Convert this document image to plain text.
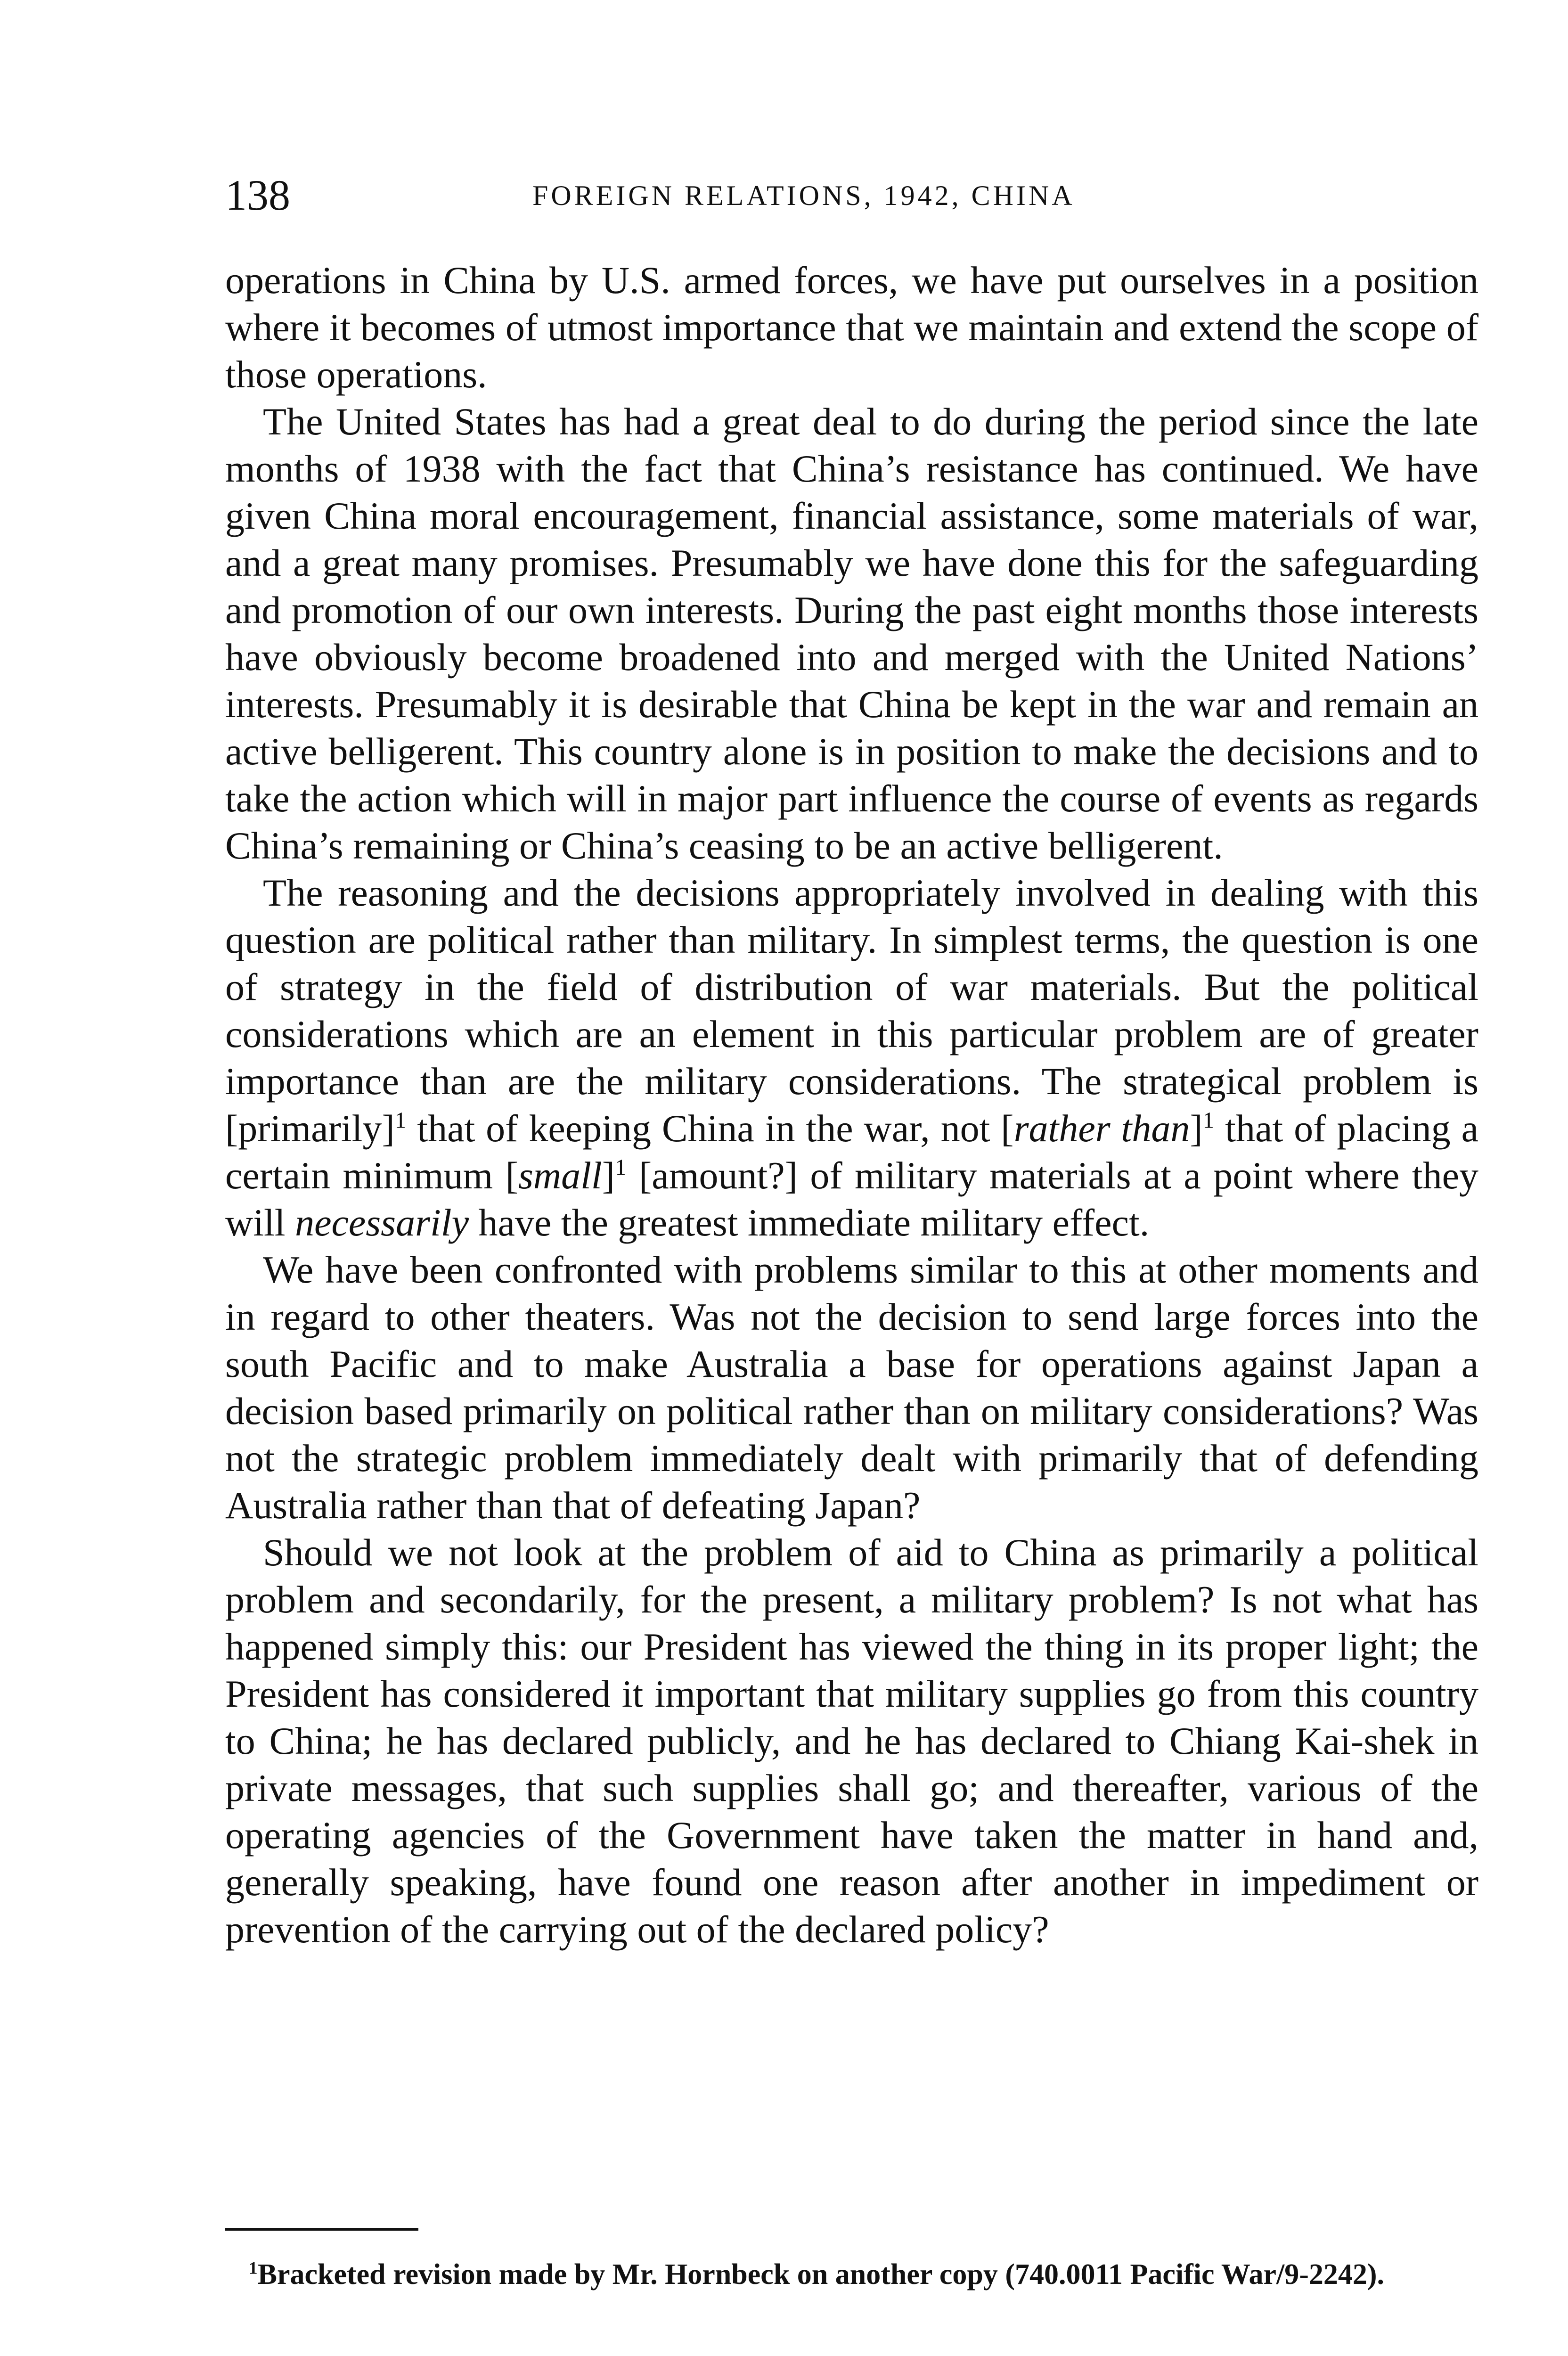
138	FOREIGN RELATIONS, 1942, CHINA

operations in China by U.S. armed forces, we have put ourselves in a position where it becomes of utmost importance that we maintain and extend the scope of those operations.

The United States has had a great deal to do during the period since the late months of 1938 with the fact that China’s resistance has continued. We have given China moral encouragement, financial assistance, some materials of war, and a great many promises. Presumably we have done this for the safeguarding and promotion of our own interests. During the past eight months those interests have obviously become broadened into and merged with the United Nations’ interests. Presumably it is desirable that China be kept in the war and remain an active belligerent. This country alone is in position to make the decisions and to take the action which will in major part influence the course of events as regards China’s remaining or China’s ceasing to be an active belligerent.

The reasoning and the decisions appropriately involved in dealing with this question are political rather than military. In simplest terms, the question is one of strategy in the field of distribution of war materials. But the political considerations which are an element in this particular problem are of greater importance than are the military considerations. The strategical problem is [primarily]$^1$ that of keeping China in the war, not [rather than]$^1$ that of placing a certain minimum [small]$^1$ [amount?] of military materials at a point where they will necessarily have the greatest immediate military effect.

We have been confronted with problems similar to this at other moments and in regard to other theaters. Was not the decision to send large forces into the south Pacific and to make Australia a base for operations against Japan a decision based primarily on political rather than on military considerations? Was not the strategic problem immediately dealt with primarily that of defending Australia rather than that of defeating Japan?

Should we not look at the problem of aid to China as primarily a political problem and secondarily, for the present, a military problem? Is not what has happened simply this: our President has viewed the thing in its proper light; the President has considered it important that military supplies go from this country to China; he has declared publicly, and he has declared to Chiang Kai-shek in private messages, that such supplies shall go; and thereafter, various of the operating agencies of the Government have taken the matter in hand and, generally speaking, have found one reason after another in impediment or prevention of the carrying out of the declared policy?

$^1$Bracketed revision made by Mr. Hornbeck on another copy (740.0011 Pacific War/9-2242).
